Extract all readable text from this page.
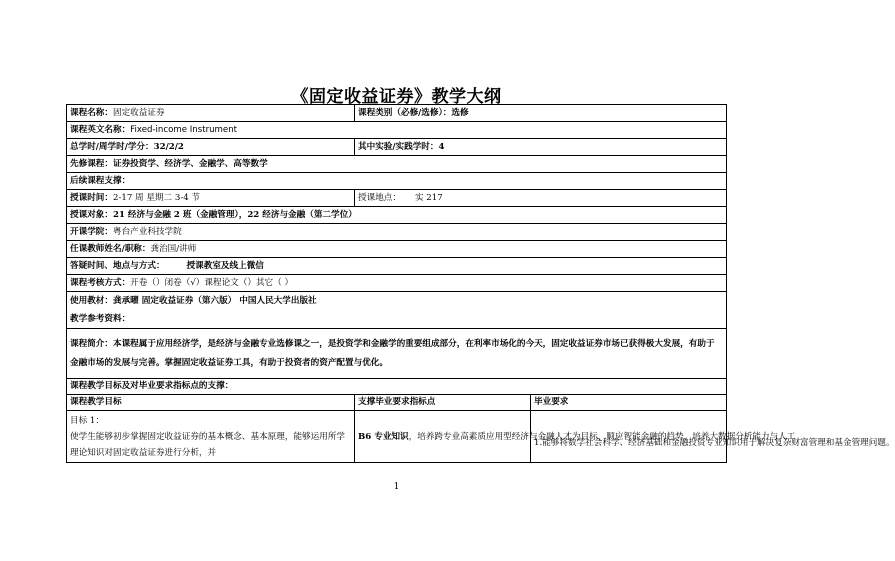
《固定收益证券》教学大纲
课程名称：固定收益证券	课程类别（必修/选修）：选修	
课程英文名称：Fixed-income Instrument		
总学时/周学时/学分：32/2/2	其中实验/实践学时：4	
先修课程：证券投资学、经济学、金融学、高等数学		
后续课程支撑：		
授课时间：2-17 周 星期二 3-4 节	授课地点： 实 217	
授课对象：21 经济与金融 2 班（金融管理），22 经济与金融（第二学位）		
开课学院：粤台产业科技学院		
任课教师姓名/职称：龚治国/讲师		
答疑时间、地点与方式： 授课教室及线上微信		
课程考核方式：开卷（）闭卷（√）课程论文（）其它（ ）		

使用教材：龚承曜 固定收益证券（第六版） 中国人民大学出版社
教学参考资料：		

课程简介：本课程属于应用经济学，是经济与金融专业选修课之一，是投资学和金融学的重要组成部分，在利率市场化的今天，固定收益证券市场已获得极大发展，有助于金融市场的发展与完善。掌握固定收益证券工具，有助于投资者的资产配置与优化。		

课程教学目标及对毕业要求指标点的支撑：		
课程教学目标	支撑毕业要求指标点	毕业要求

目标 1：
使学生能够初步掌握固定收益证券的基本概念、基本原理，能够运用所学理论知识对固定收益证券进行分析，并	B6 专业知识，培养跨专业高素质应用型经济与金融人才为目标，顺应智能金融的趋势，培养大数据分析能力与人工	1.能够将数学社会科学、经济基础和金融投资专业知识用于解决复杂财富管理和基金管理问题。
1
